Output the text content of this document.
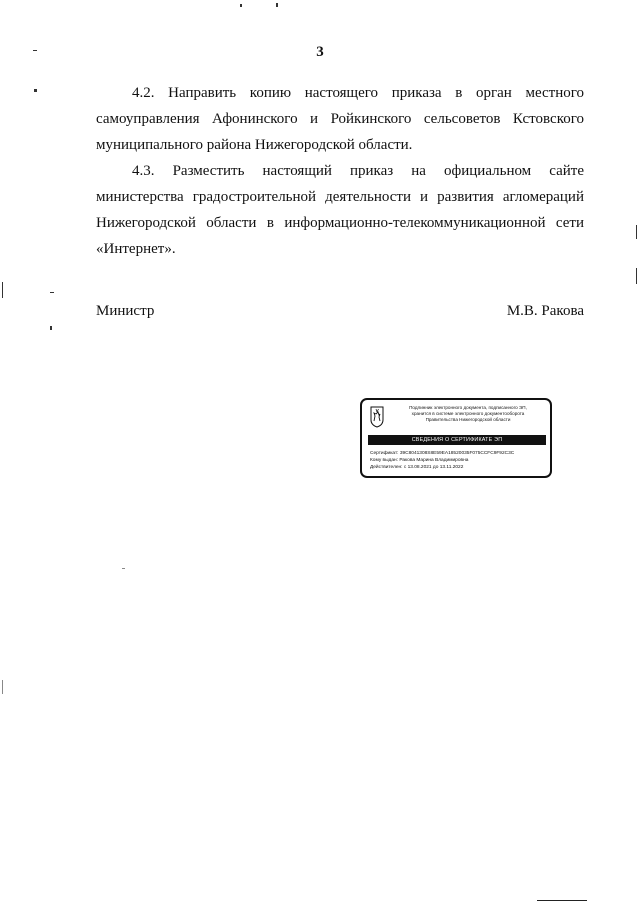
3

4.2. Направить копию настоящего приказа в орган местного самоуправления Афонинского и Ройкинского сельсоветов Кстовского муниципального района Нижегородской области.

4.3. Разместить настоящий приказ на официальном сайте министерства градостроительной деятельности и развития агломераций Нижегородской области в информационно-телекоммуникационной сети «Интернет».

Министр	М.В. Ракова
Подлинник электронного документа, подписанного ЭП,
хранится в системе электронного документооборота
Правительства Нижегородской области
СВЕДЕНИЯ О СЕРТИФИКАТЕ ЭП
Сертификат: 39C8041308S8E59EA18520035F075CCFC9F92C3C
Кому выдан: Ракова Марина Владимировна
Действителен: с 13.08.2021 до 13.11.2022
